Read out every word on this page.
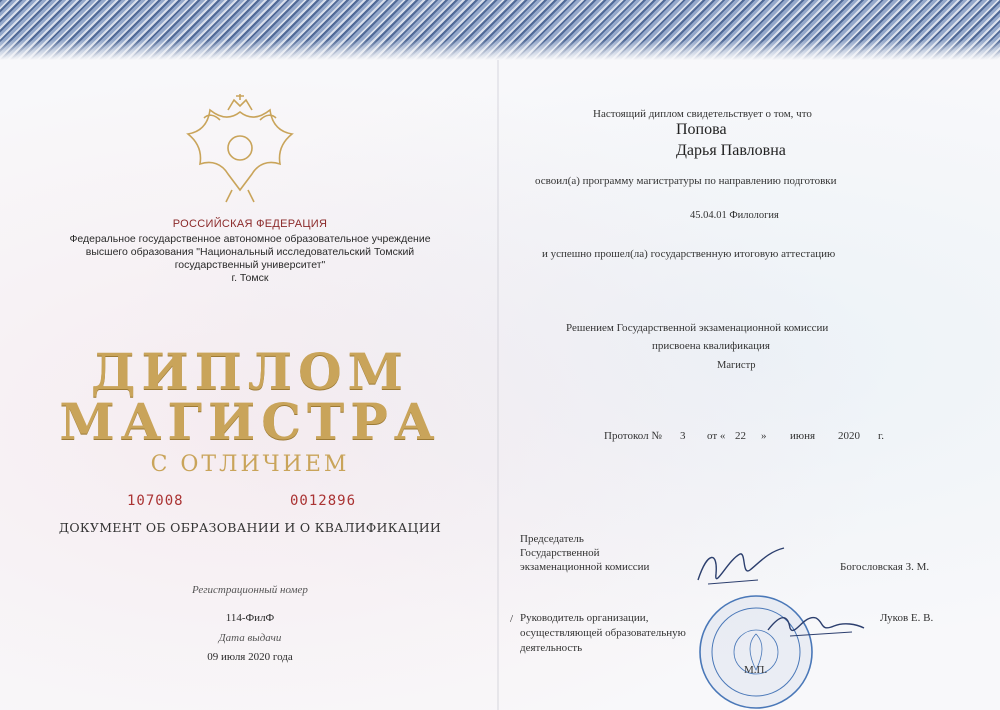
РОССИЙСКАЯ ФЕДЕРАЦИЯ
Федеральное государственное автономное образовательное учреждение
высшего образования "Национальный исследовательский Томский
государственный университет"
г. Томск
ДИПЛОМ
МАГИСТРА
С ОТЛИЧИЕМ
107008	0012896
ДОКУМЕНТ ОБ ОБРАЗОВАНИИ И О КВАЛИФИКАЦИИ
Регистрационный номер
114-ФилФ
Дата выдачи
09 июля 2020 года
Настоящий диплом свидетельствует о том, что
Попова
Дарья Павловна
освоил(а) программу магистратуры по направлению подготовки
45.04.01 Филология
и успешно прошел(ла) государственную итоговую аттестацию
Решением Государственной экзаменационной комиссии
присвоена квалификация
Магистр
Протокол № 3 от « 22 » июня 2020 г.
Председатель
Государственной
экзаменационной комиссии	Богословская З. М.
/ Руководитель организации,
осуществляющей образовательную
деятельность
Луков Е. В.
М.П.
